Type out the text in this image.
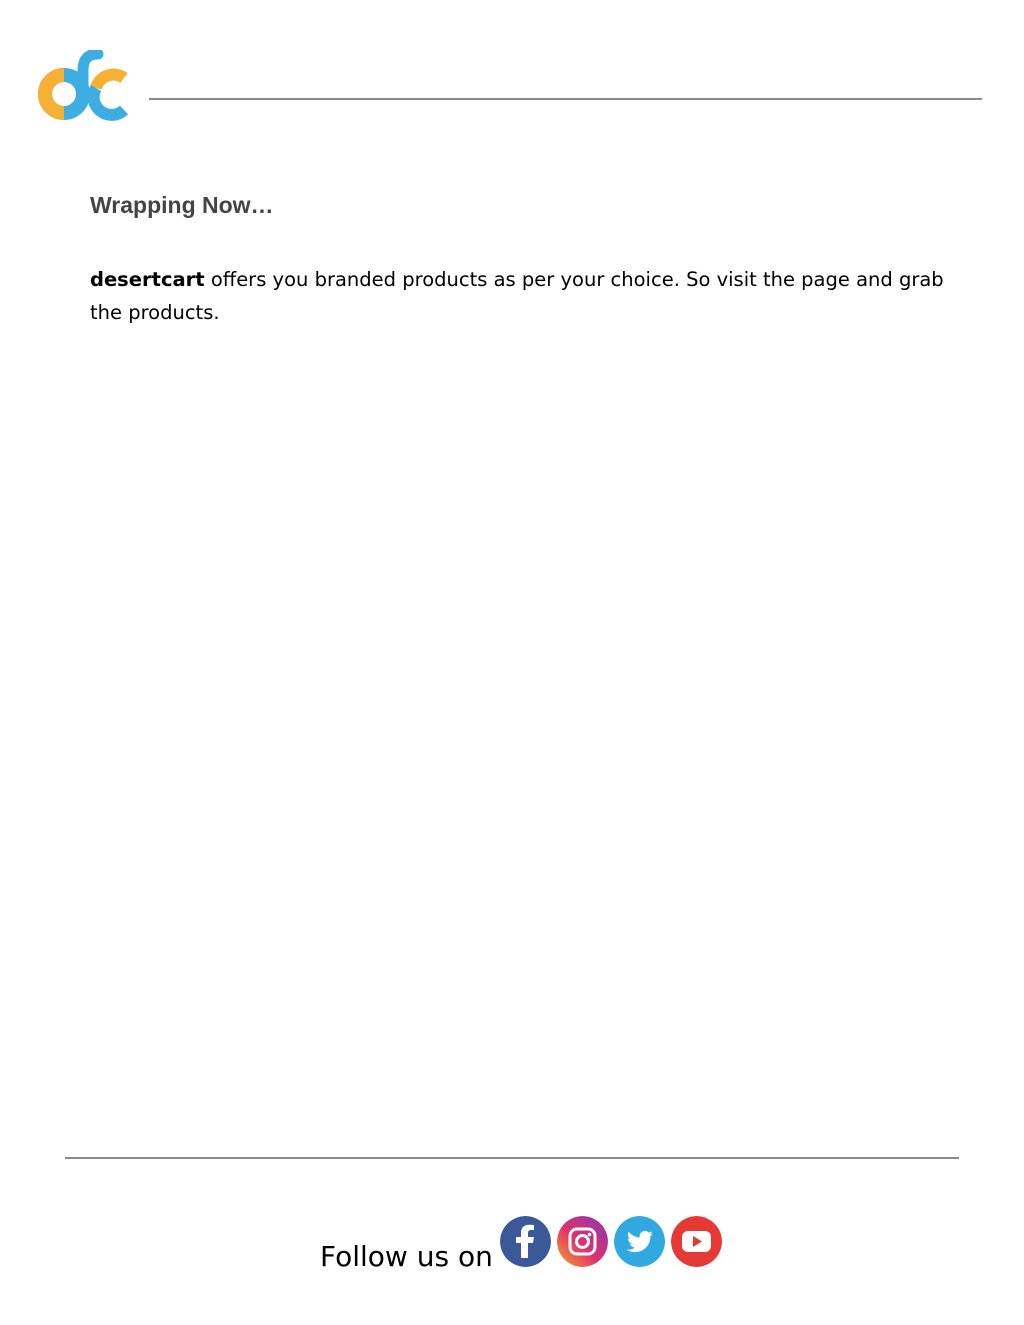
Wrapping Now…

desertcart offers you branded products as per your choice. So visit the page and grab the products.

Follow us on
